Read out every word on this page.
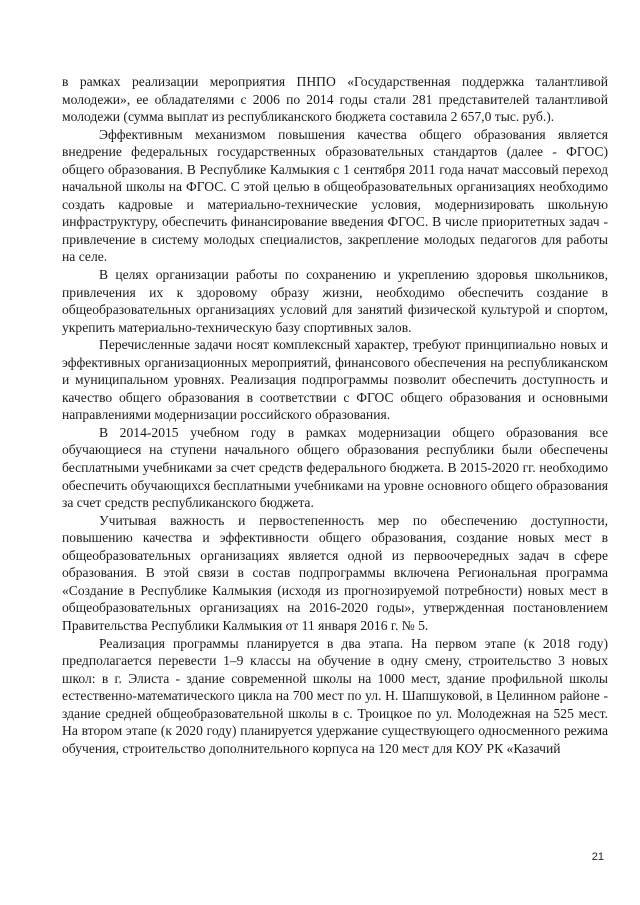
в рамках реализации мероприятия ПНПО «Государственная поддержка талантливой молодежи», ее обладателями с 2006 по 2014 годы стали 281 представителей талантливой молодежи (сумма выплат из республиканского бюджета составила 2 657,0 тыс. руб.).

Эффективным механизмом повышения качества общего образования является внедрение федеральных государственных образовательных стандартов (далее - ФГОС) общего образования. В Республике Калмыкия с 1 сентября 2011 года начат массовый переход начальной школы на ФГОС. С этой целью в общеобразовательных организациях необходимо создать кадровые и материально-технические условия, модернизировать школьную инфраструктуру, обеспечить финансирование введения ФГОС. В числе приоритетных задач - привлечение в систему молодых специалистов, закрепление молодых педагогов для работы на селе.

В целях организации работы по сохранению и укреплению здоровья школьников, привлечения их к здоровому образу жизни, необходимо обеспечить создание в общеобразовательных организациях условий для занятий физической культурой и спортом, укрепить материально-техническую базу спортивных залов.

Перечисленные задачи носят комплексный характер, требуют принципиально новых и эффективных организационных мероприятий, финансового обеспечения на республиканском и муниципальном уровнях. Реализация подпрограммы позволит обеспечить доступность и качество общего образования в соответствии с ФГОС общего образования и основными направлениями модернизации российского образования.

В 2014-2015 учебном году в рамках модернизации общего образования все обучающиеся на ступени начального общего образования республики были обеспечены бесплатными учебниками за счет средств федерального бюджета. В 2015-2020 гг. необходимо обеспечить обучающихся бесплатными учебниками на уровне основного общего образования за счет средств республиканского бюджета.

Учитывая важность и первостепенность мер по обеспечению доступности, повышению качества и эффективности общего образования, создание новых мест в общеобразовательных организациях является одной из первоочередных задач в сфере образования. В этой связи в состав подпрограммы включена Региональная программа «Создание в Республике Калмыкия (исходя из прогнозируемой потребности) новых мест в общеобразовательных организациях на 2016-2020 годы», утвержденная постановлением Правительства Республики Калмыкия от 11 января 2016 г. № 5.

Реализация программы планируется в два этапа. На первом этапе (к 2018 году) предполагается перевести 1–9 классы на обучение в одну смену, строительство 3 новых школ: в г. Элиста - здание современной школы на 1000 мест, здание профильной школы естественно-математического цикла на 700 мест по ул. Н. Шапшуковой, в Целинном районе - здание средней общеобразовательной школы в с. Троицкое по ул. Молодежная на 525 мест. На втором этапе (к 2020 году) планируется удержание существующего односменного режима обучения, строительство дополнительного корпуса на 120 мест для КОУ РК «Казачий

21
